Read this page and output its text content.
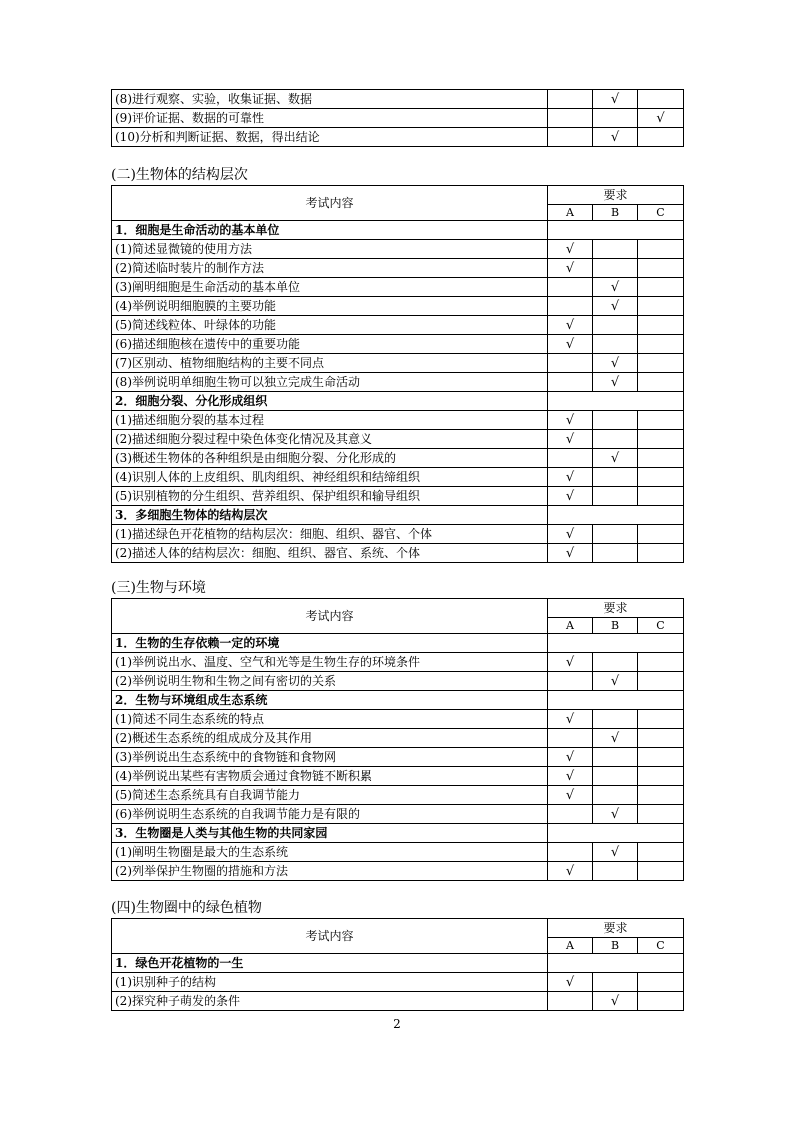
(8)进行观察、实验，收集证据、数据		√	
(9)评价证据、数据的可靠性			√
(10)分析和判断证据、数据，得出结论		√	
(二)生物体的结构层次
考试内容	要求		
	A	B	C
1．细胞是生命活动的基本单位			
(1)简述显微镜的使用方法	√		
(2)简述临时装片的制作方法	√		
(3)阐明细胞是生命活动的基本单位		√	
(4)举例说明细胞膜的主要功能		√	
(5)简述线粒体、叶绿体的功能	√		
(6)描述细胞核在遗传中的重要功能	√		
(7)区别动、植物细胞结构的主要不同点		√	
(8)举例说明单细胞生物可以独立完成生命活动		√	
2．细胞分裂、分化形成组织			
(1)描述细胞分裂的基本过程	√		
(2)描述细胞分裂过程中染色体变化情况及其意义	√		
(3)概述生物体的各种组织是由细胞分裂、分化形成的		√	
(4)识别人体的上皮组织、肌肉组织、神经组织和结缔组织	√		
(5)识别植物的分生组织、营养组织、保护组织和输导组织	√		
3．多细胞生物体的结构层次			
(1)描述绿色开花植物的结构层次：细胞、组织、器官、个体	√		
(2)描述人体的结构层次：细胞、组织、器官、系统、个体	√		
(三)生物与环境
考试内容	要求		
	A	B	C
1．生物的生存依赖一定的环境			
(1)举例说出水、温度、空气和光等是生物生存的环境条件	√		
(2)举例说明生物和生物之间有密切的关系		√	
2．生物与环境组成生态系统			
(1)简述不同生态系统的特点	√		
(2)概述生态系统的组成成分及其作用		√	
(3)举例说出生态系统中的食物链和食物网	√		
(4)举例说出某些有害物质会通过食物链不断积累	√		
(5)简述生态系统具有自我调节能力	√		
(6)举例说明生态系统的自我调节能力是有限的		√	
3．生物圈是人类与其他生物的共同家园			
(1)阐明生物圈是最大的生态系统		√	
(2)列举保护生物圈的措施和方法	√		
(四)生物圈中的绿色植物
考试内容	要求		
	A	B	C
1．绿色开花植物的一生			
(1)识别种子的结构	√		
(2)探究种子萌发的条件		√	
2
